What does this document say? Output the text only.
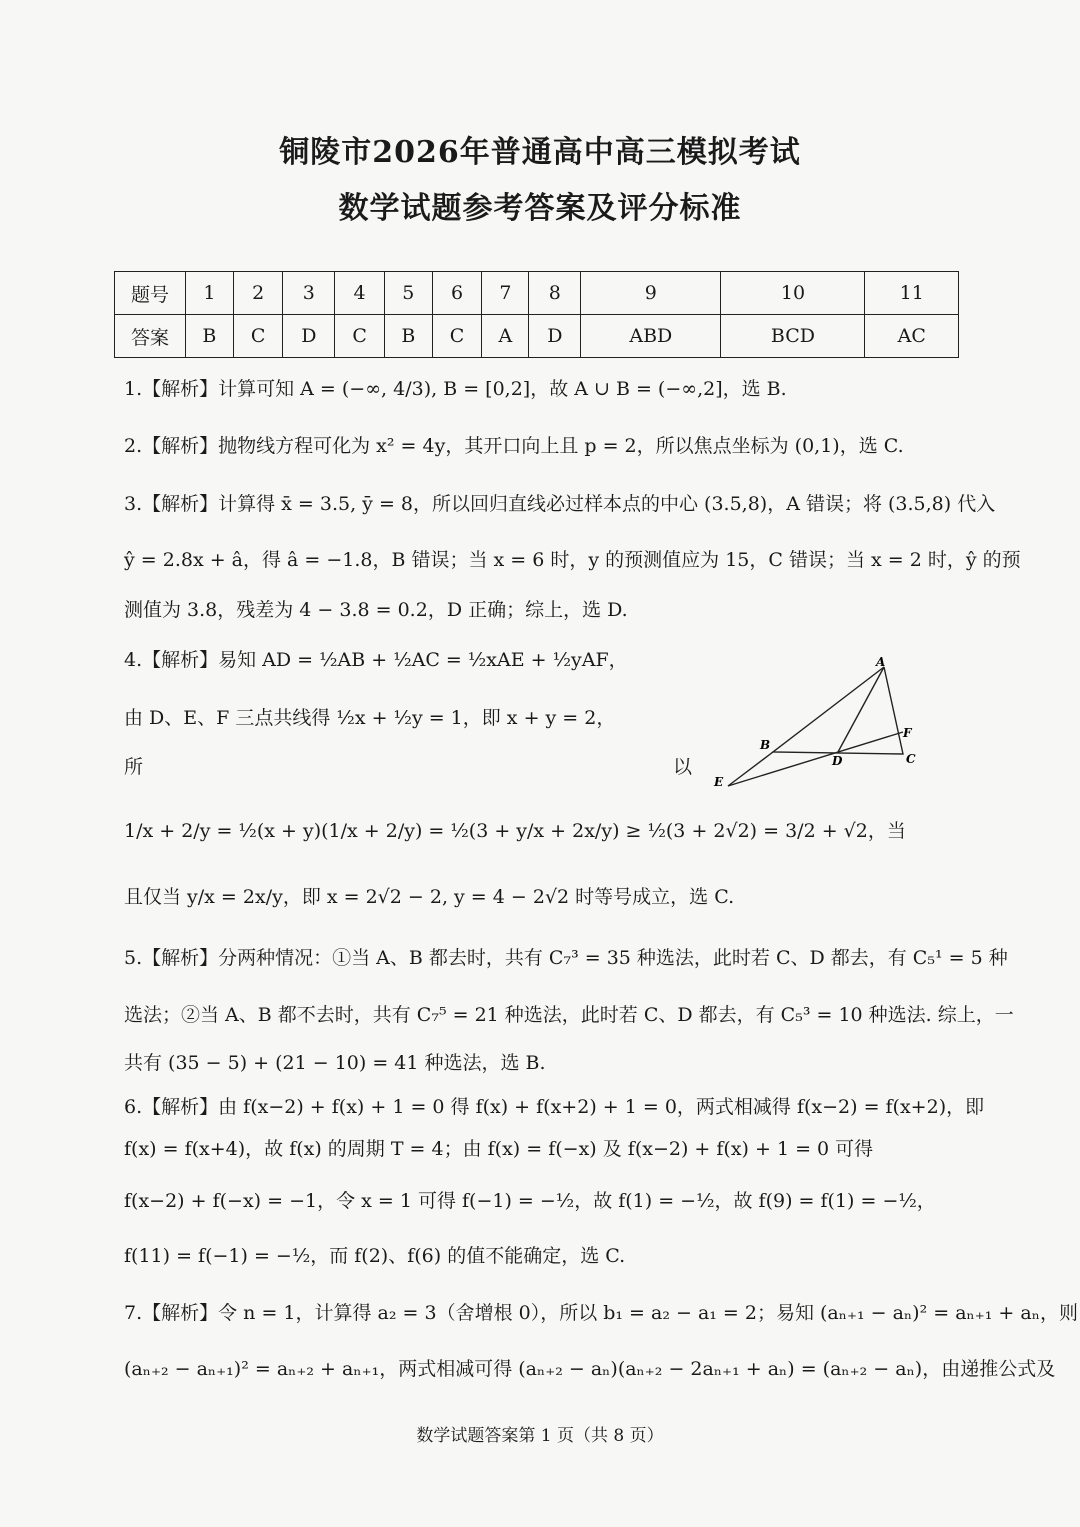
铜陵市2026年普通高中高三模拟考试
数学试题参考答案及评分标准
题号	1	2	3	4	5	6	7	8	9	10	11
答案	B	C	D	C	B	C	A	D	ABD	BCD	AC
1.【解析】计算可知 A = (−∞, 4/3), B = [0,2]，故 A ∪ B = (−∞,2]，选 B.
2.【解析】抛物线方程可化为 x² = 4y，其开口向上且 p = 2，所以焦点坐标为 (0,1)，选 C.
3.【解析】计算得 x̄ = 3.5, ȳ = 8，所以回归直线必过样本点的中心 (3.5,8)，A 错误；将 (3.5,8) 代入
ŷ = 2.8x + â，得 â = −1.8，B 错误；当 x = 6 时，y 的预测值应为 15，C 错误；当 x = 2 时，ŷ 的预
测值为 3.8，残差为 4 − 3.8 = 0.2，D 正确；综上，选 D.
4.【解析】易知 AD = ½AB + ½AC = ½xAE + ½yAF，
由 D、E、F 三点共线得 ½x + ½y = 1，即 x + y = 2，
所	以
1/x + 2/y = ½(x + y)(1/x + 2/y) = ½(3 + y/x + 2x/y) ≥ ½(3 + 2√2) = 3/2 + √2，当
且仅当 y/x = 2x/y，即 x = 2√2 − 2, y = 4 − 2√2 时等号成立，选 C.
A
B
C
D
E
F
5.【解析】分两种情况：①当 A、B 都去时，共有 C₇³ = 35 种选法，此时若 C、D 都去，有 C₅¹ = 5 种
选法；②当 A、B 都不去时，共有 C₇⁵ = 21 种选法，此时若 C、D 都去，有 C₅³ = 10 种选法. 综上，一
共有 (35 − 5) + (21 − 10) = 41 种选法，选 B.
6.【解析】由 f(x−2) + f(x) + 1 = 0 得 f(x) + f(x+2) + 1 = 0，两式相减得 f(x−2) = f(x+2)，即
f(x) = f(x+4)，故 f(x) 的周期 T = 4；由 f(x) = f(−x) 及 f(x−2) + f(x) + 1 = 0 可得
f(x−2) + f(−x) = −1，令 x = 1 可得 f(−1) = −½，故 f(1) = −½，故 f(9) = f(1) = −½，
f(11) = f(−1) = −½，而 f(2)、f(6) 的值不能确定，选 C.
7.【解析】令 n = 1，计算得 a₂ = 3（舍增根 0），所以 b₁ = a₂ − a₁ = 2；易知 (aₙ₊₁ − aₙ)² = aₙ₊₁ + aₙ，则
(aₙ₊₂ − aₙ₊₁)² = aₙ₊₂ + aₙ₊₁，两式相减可得 (aₙ₊₂ − aₙ)(aₙ₊₂ − 2aₙ₊₁ + aₙ) = (aₙ₊₂ − aₙ)，由递推公式及
数学试题答案第 1 页（共 8 页）
